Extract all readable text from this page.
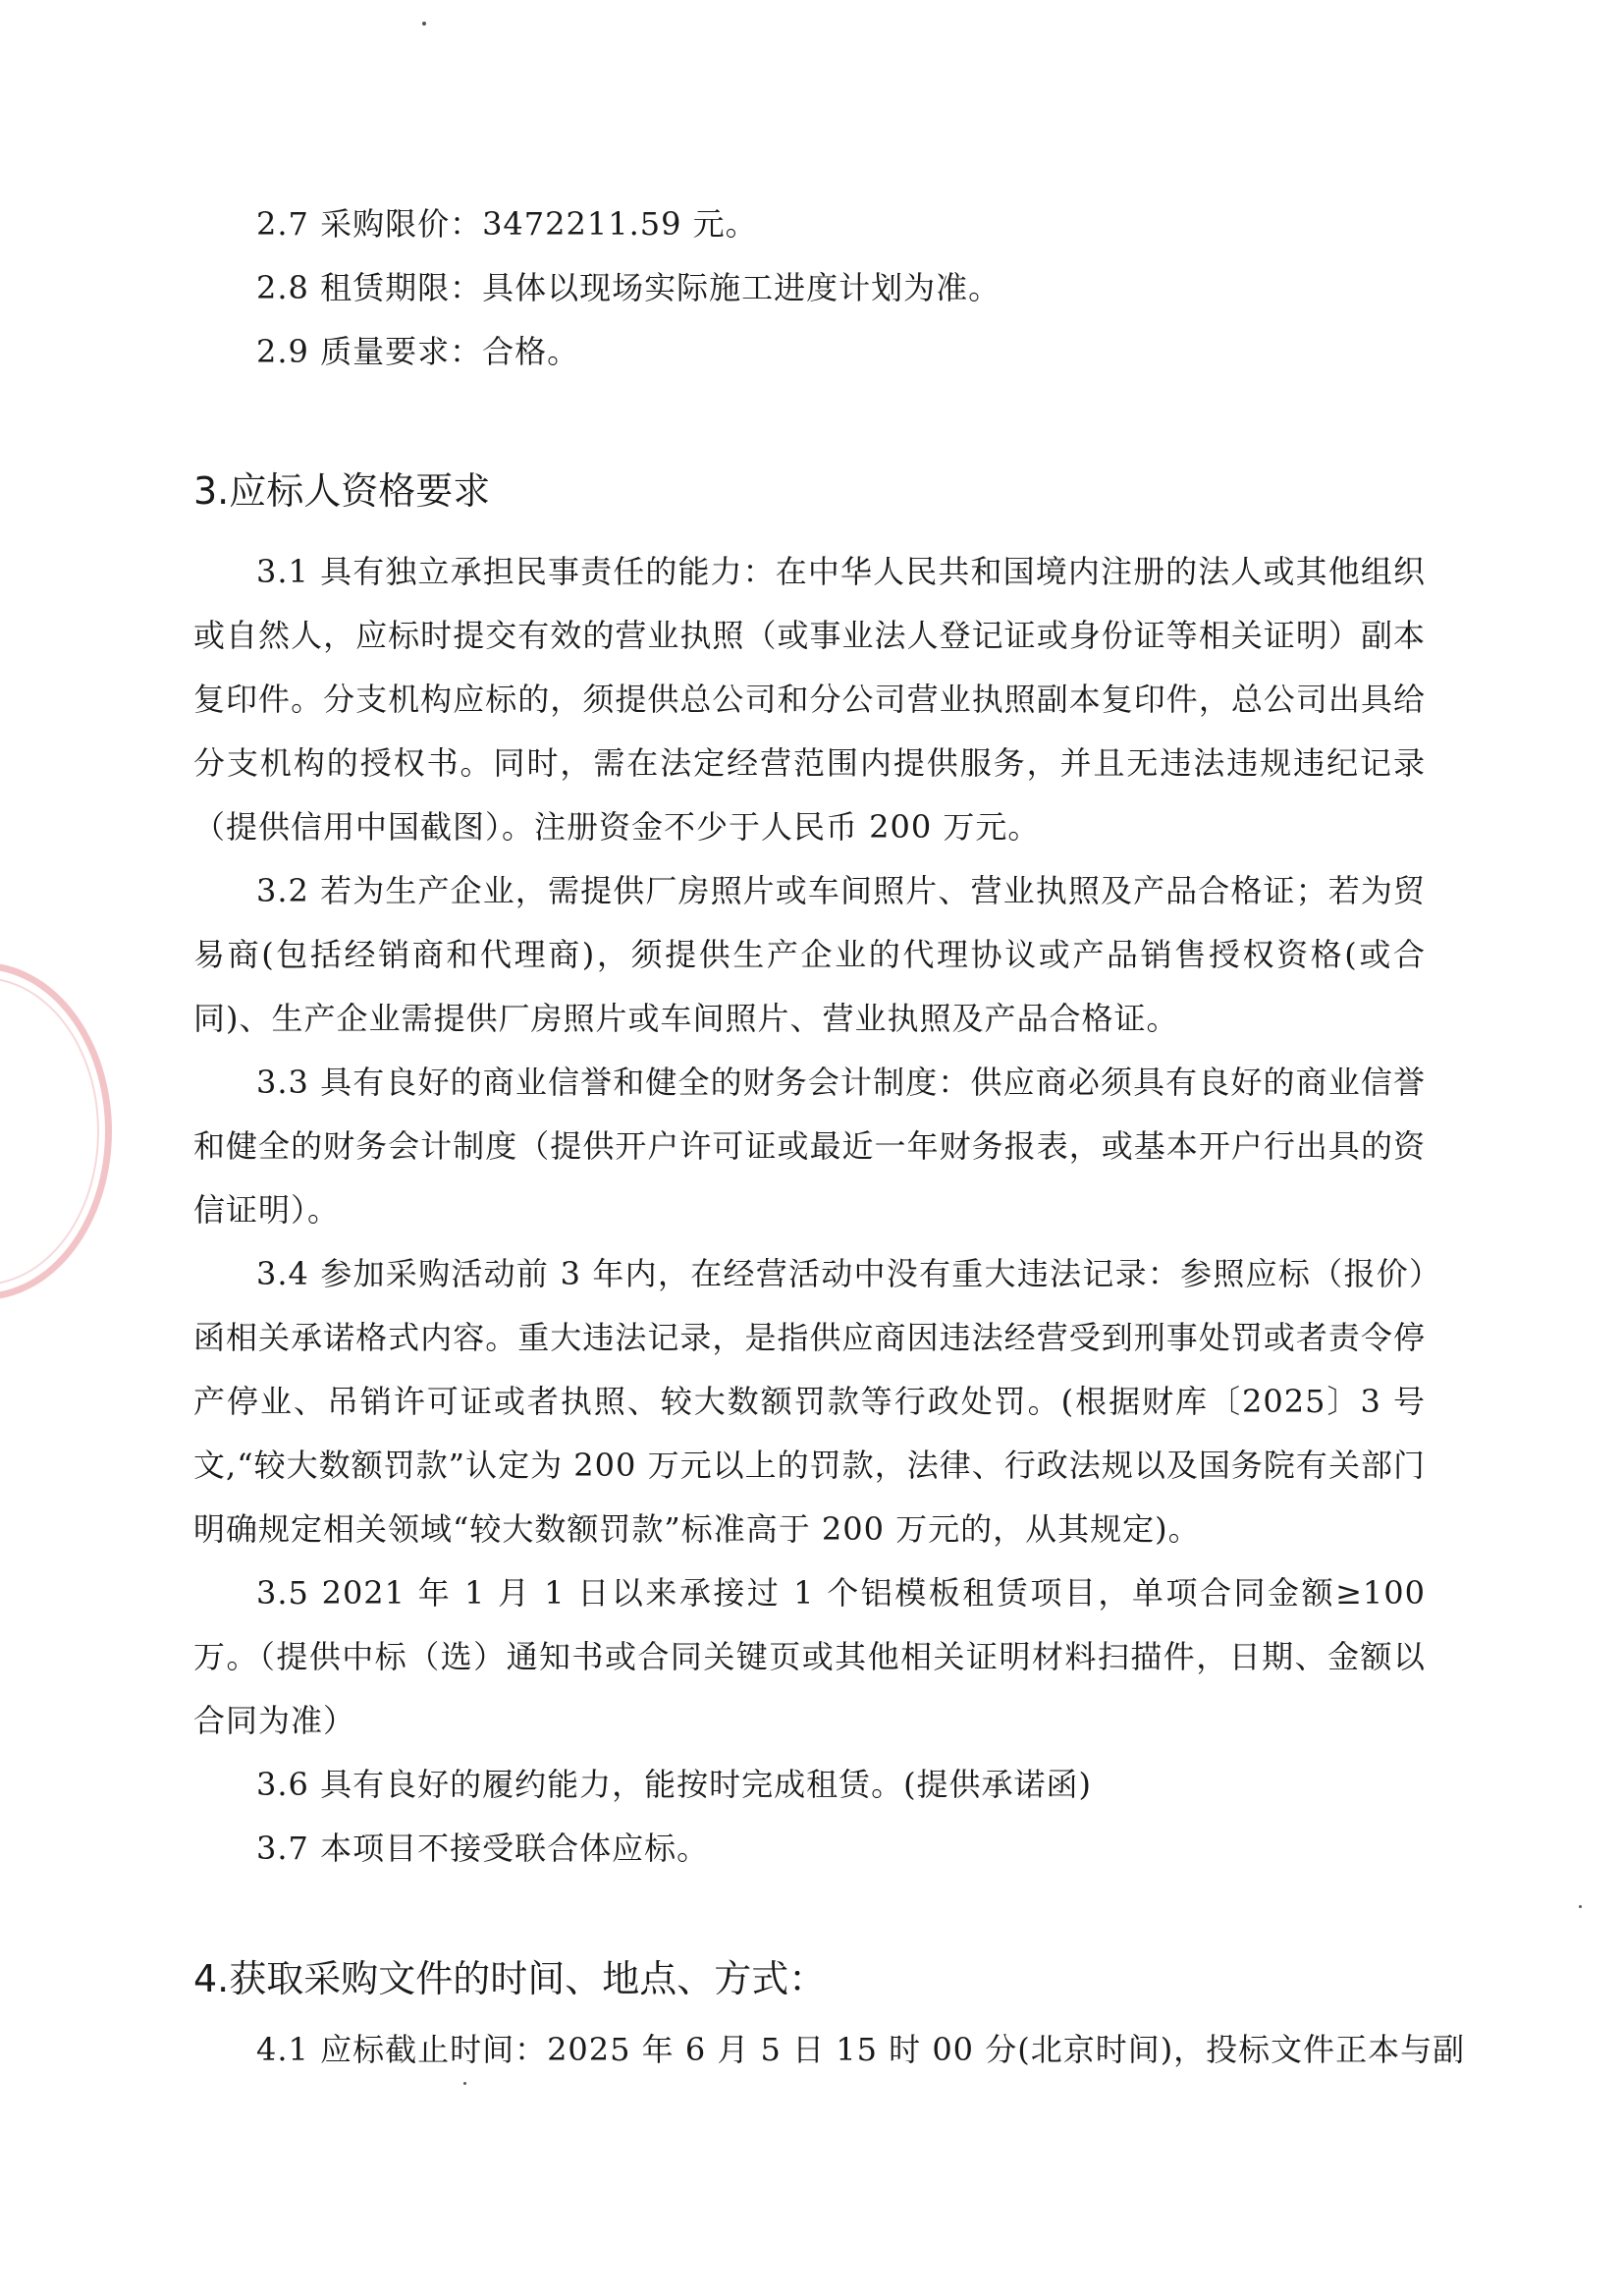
2.7 采购限价：3472211.59 元。

2.8 租赁期限：具体以现场实际施工进度计划为准。

2.9 质量要求：合格。

3.应标人资格要求

3.1 具有独立承担民事责任的能力：在中华人民共和国境内注册的法人或其他组织或自然人，应标时提交有效的营业执照（或事业法人登记证或身份证等相关证明）副本复印件。分支机构应标的，须提供总公司和分公司营业执照副本复印件，总公司出具给分支机构的授权书。同时，需在法定经营范围内提供服务，并且无违法违规违纪记录（提供信用中国截图）。注册资金不少于人民币 200 万元。

3.2 若为生产企业，需提供厂房照片或车间照片、营业执照及产品合格证；若为贸易商(包括经销商和代理商)，须提供生产企业的代理协议或产品销售授权资格(或合同)、生产企业需提供厂房照片或车间照片、营业执照及产品合格证。

3.3 具有良好的商业信誉和健全的财务会计制度：供应商必须具有良好的商业信誉和健全的财务会计制度（提供开户许可证或最近一年财务报表，或基本开户行出具的资信证明）。

3.4 参加采购活动前 3 年内，在经营活动中没有重大违法记录：参照应标（报价）函相关承诺格式内容。重大违法记录，是指供应商因违法经营受到刑事处罚或者责令停产停业、吊销许可证或者执照、较大数额罚款等行政处罚。(根据财库〔2025〕3 号文,“较大数额罚款”认定为 200 万元以上的罚款，法律、行政法规以及国务院有关部门明确规定相关领域“较大数额罚款”标准高于 200 万元的，从其规定)。

3.5 2021 年 1 月 1 日以来承接过 1 个铝模板租赁项目，单项合同金额≥100 万。（提供中标（选）通知书或合同关键页或其他相关证明材料扫描件，日期、金额以合同为准）

3.6 具有良好的履约能力，能按时完成租赁。(提供承诺函)

3.7 本项目不接受联合体应标。

4.获取采购文件的时间、地点、方式：

4.1 应标截止时间：2025 年 6 月 5 日 15 时 00 分(北京时间)，投标文件正本与副
